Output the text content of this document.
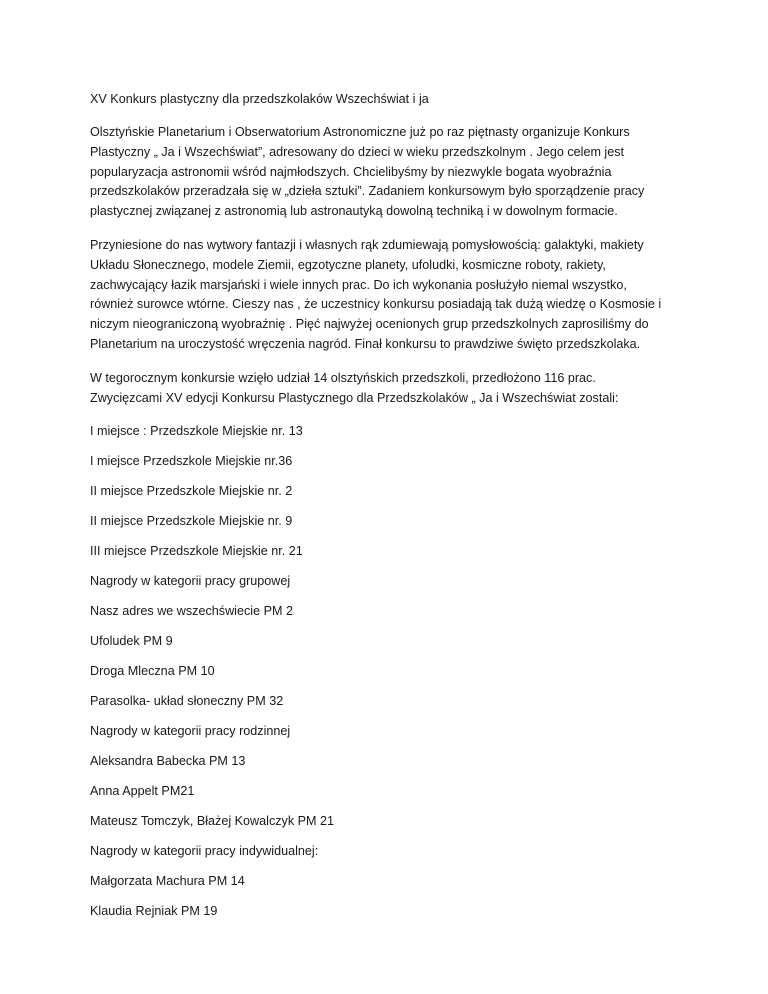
XV Konkurs plastyczny dla przedszkolaków Wszechświat i ja

Olsztyńskie Planetarium i Obserwatorium Astronomiczne już po raz piętnasty organizuje Konkurs
Plastyczny „ Ja i Wszechświat”, adresowany do dzieci w wieku przedszkolnym . Jego celem jest
popularyzacja astronomii wśród najmłodszych. Chcielibyśmy by niezwykle bogata wyobraźnia
przedszkolaków przeradzała się w „dzieła sztuki”. Zadaniem konkursowym było sporządzenie pracy
plastycznej związanej z astronomią lub astronautyką dowolną techniką i w dowolnym formacie.

Przyniesione do nas wytwory fantazji i własnych rąk zdumiewają pomysłowością: galaktyki, makiety
Układu Słonecznego, modele Ziemii, egzotyczne planety, ufoludki, kosmiczne roboty, rakiety,
zachwycający łazik marsjański i wiele innych prac. Do ich wykonania posłużyło niemal wszystko,
również surowce wtórne. Cieszy nas , że uczestnicy konkursu posiadają tak dużą wiedzę o Kosmosie i
niczym nieograniczoną wyobraźnię . Pięć najwyżej ocenionych grup przedszkolnych zaprosiliśmy do
Planetarium na uroczystość wręczenia nagród. Finał konkursu to prawdziwe święto przedszkolaka.

W tegorocznym konkursie wzięło udział 14 olsztyńskich przedszkoli, przedłożono 116 prac.
Zwycięzcami XV edycji Konkursu Plastycznego dla Przedszkolaków „ Ja i Wszechświat zostali:

I miejsce : Przedszkole Miejskie nr. 13
I miejsce Przedszkole Miejskie nr.36
II miejsce Przedszkole Miejskie nr. 2
II miejsce Przedszkole Miejskie nr. 9
III miejsce Przedszkole Miejskie nr. 21
Nagrody w kategorii pracy grupowej
Nasz adres we wszechświecie PM 2
Ufoludek PM 9
Droga Mleczna PM 10
Parasolka- układ słoneczny PM 32
Nagrody w kategorii pracy rodzinnej
Aleksandra Babecka PM 13
Anna Appelt PM21
Mateusz Tomczyk, Błażej Kowalczyk PM 21
Nagrody w kategorii pracy indywidualnej:
Małgorzata Machura PM 14
Klaudia Rejniak PM 19
